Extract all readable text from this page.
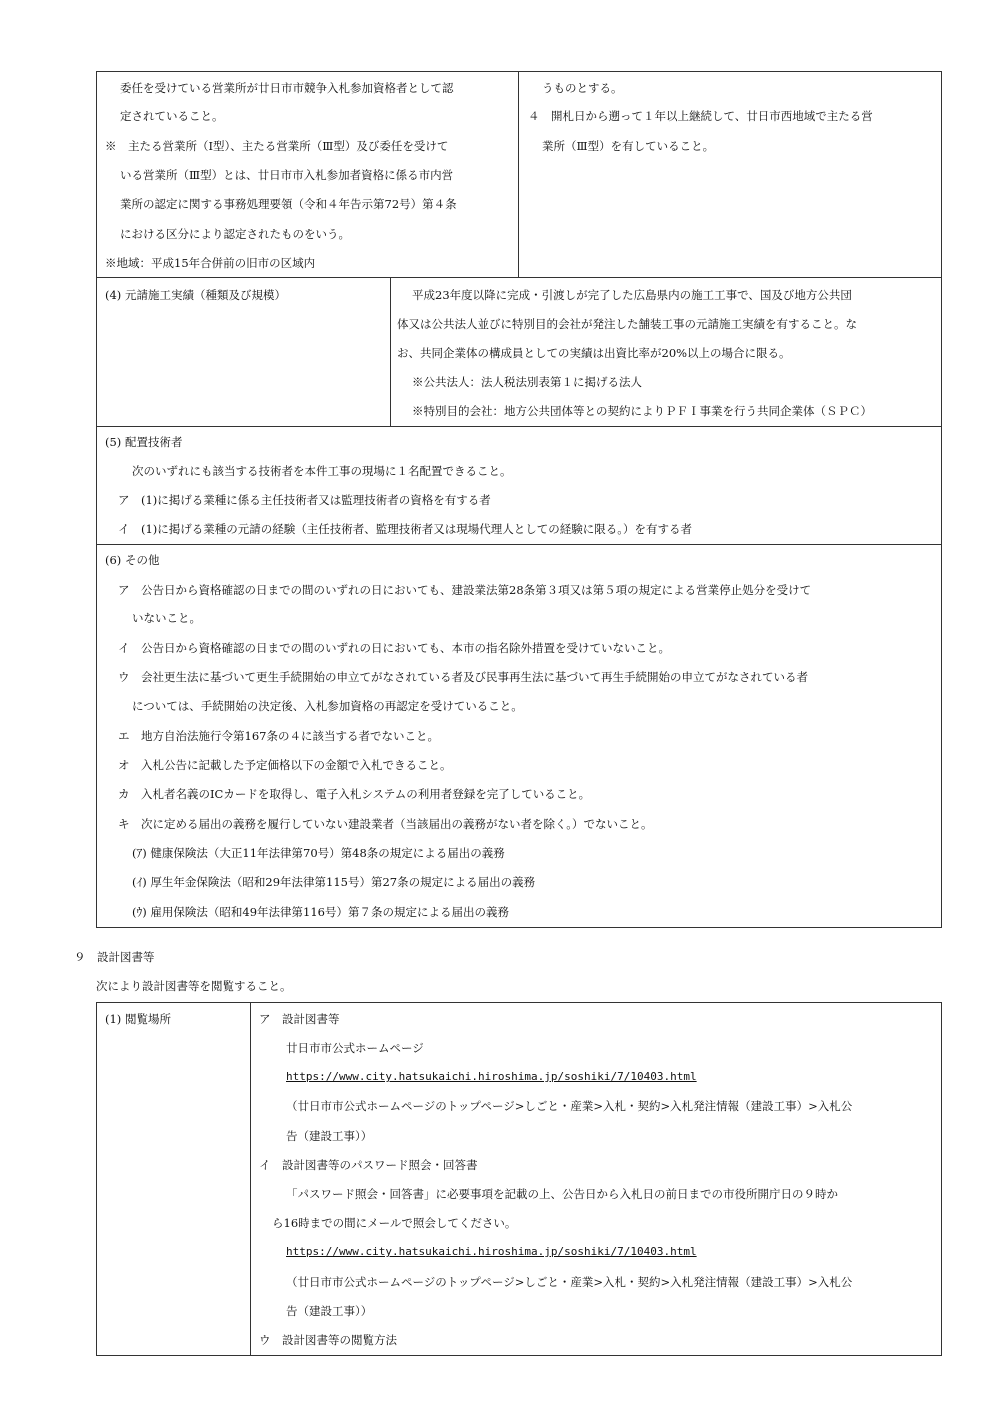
委任を受けている営業所が廿日市市競争入札参加資格者として認
定されていること。
※　主たる営業所（Ⅰ型）、主たる営業所（Ⅲ型）及び委任を受けて
いる営業所（Ⅲ型）とは、廿日市市入札参加者資格に係る市内営
業所の認定に関する事務処理要領（令和４年告示第72号）第４条
における区分により認定されたものをいう。
※地域：平成15年合併前の旧市の区域内
うものとする。
４　開札日から遡って１年以上継続して、廿日市西地域で主たる営
業所（Ⅲ型）を有していること。
(4) 元請施工実績（種類及び規模）	平成23年度以降に完成・引渡しが完了した広島県内の施工工事で、国及び地方公共団
体又は公共法人並びに特別目的会社が発注した舗装工事の元請施工実績を有すること。な
お、共同企業体の構成員としての実績は出資比率が20%以上の場合に限る。
※公共法人：法人税法別表第１に掲げる法人
※特別目的会社：地方公共団体等との契約によりＰＦＩ事業を行う共同企業体（ＳＰＣ）
(5) 配置技術者
次のいずれにも該当する技術者を本件工事の現場に１名配置できること。
ア　(1)に掲げる業種に係る主任技術者又は監理技術者の資格を有する者
イ　(1)に掲げる業種の元請の経験（主任技術者、監理技術者又は現場代理人としての経験に限る。）を有する者
(6) その他
ア　公告日から資格確認の日までの間のいずれの日においても、建設業法第28条第３項又は第５項の規定による営業停止処分を受けて
いないこと。
イ　公告日から資格確認の日までの間のいずれの日においても、本市の指名除外措置を受けていないこと。
ウ　会社更生法に基づいて更生手続開始の申立てがなされている者及び民事再生法に基づいて再生手続開始の申立てがなされている者
については、手続開始の決定後、入札参加資格の再認定を受けていること。
エ　地方自治法施行令第167条の４に該当する者でないこと。
オ　入札公告に記載した予定価格以下の金額で入札できること。
カ　入札者名義のICカードを取得し、電子入札システムの利用者登録を完了していること。
キ　次に定める届出の義務を履行していない建設業者（当該届出の義務がない者を除く。）でないこと。
(ｱ) 健康保険法（大正11年法律第70号）第48条の規定による届出の義務
(ｲ) 厚生年金保険法（昭和29年法律第115号）第27条の規定による届出の義務
(ｳ) 雇用保険法（昭和49年法律第116号）第７条の規定による届出の義務
９　設計図書等
次により設計図書等を閲覧すること。
(1) 閲覧場所	ア　設計図書等
廿日市市公式ホームページ
https://www.city.hatsukaichi.hiroshima.jp/soshiki/7/10403.html
（廿日市市公式ホームページのトップページ>しごと・産業>入札・契約>入札発注情報（建設工事）>入札公
告（建設工事））
イ　設計図書等のパスワード照会・回答書
「パスワード照会・回答書」に必要事項を記載の上、公告日から入札日の前日までの市役所開庁日の９時か
ら16時までの間にメールで照会してください。
https://www.city.hatsukaichi.hiroshima.jp/soshiki/7/10403.html
（廿日市市公式ホームページのトップページ>しごと・産業>入札・契約>入札発注情報（建設工事）>入札公
告（建設工事））
ウ　設計図書等の閲覧方法
